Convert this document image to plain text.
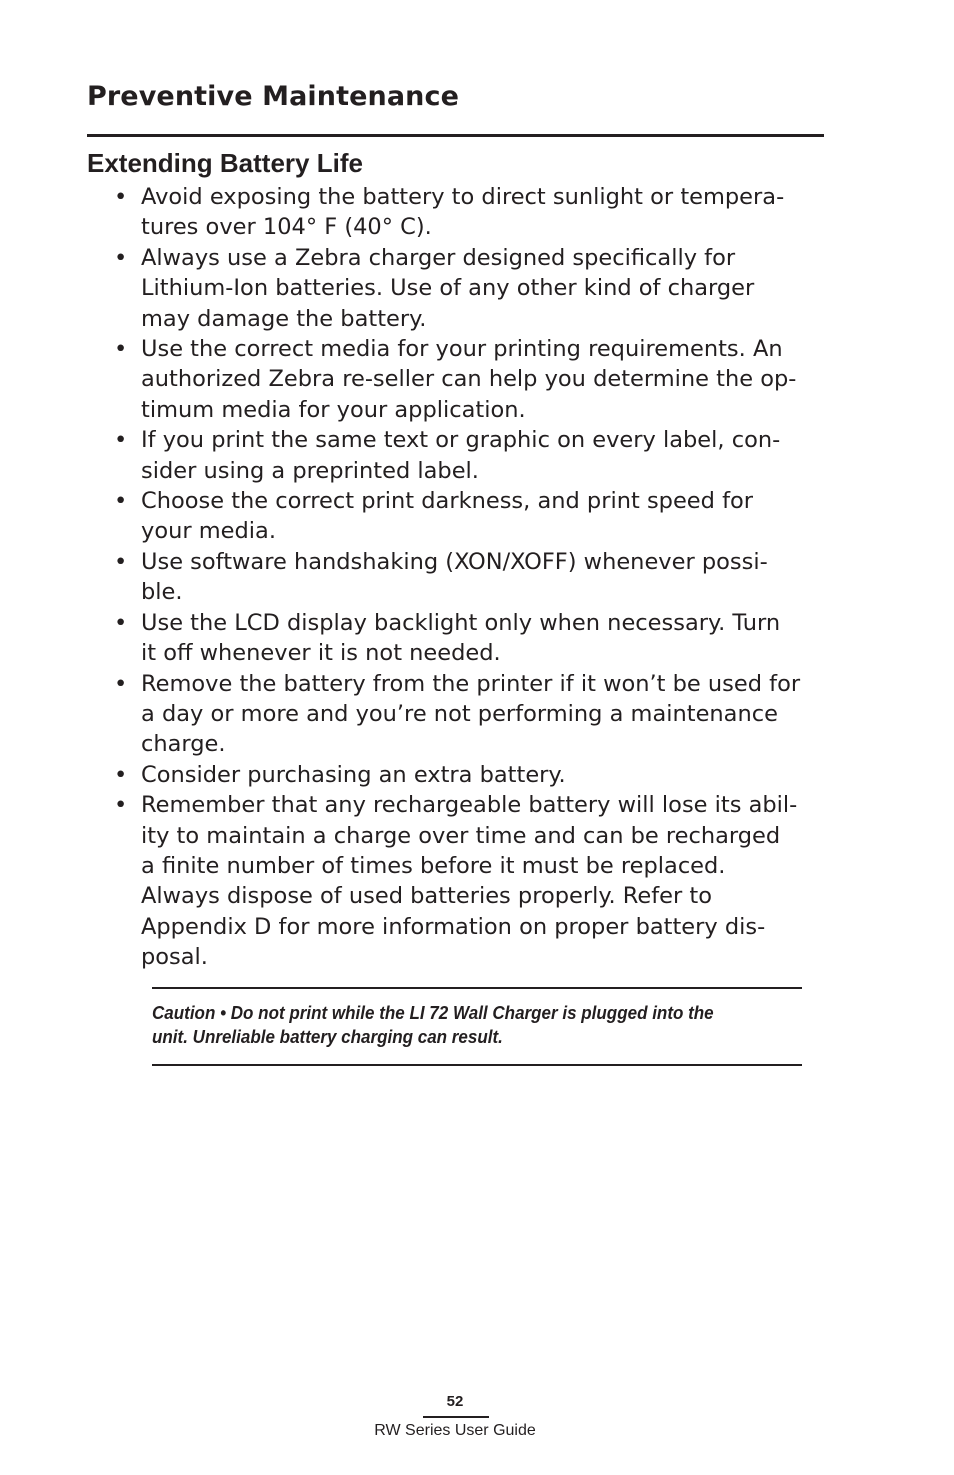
Preventive Maintenance
Extending Battery Life
• Avoid exposing the battery to direct sunlight or tempera-
tures over 104° F (40° C).
• Always use a Zebra charger designed specifically for
Lithium-Ion batteries. Use of any other kind of charger
may damage the battery.
• Use the correct media for your printing requirements. An
authorized Zebra re-seller can help you determine the op-
timum media for your application.
• If you print the same text or graphic on every label, con-
sider using a preprinted label.
• Choose the correct print darkness, and print speed for
your media.
• Use software handshaking (XON/XOFF) whenever possi-
ble.
• Use the LCD display backlight only when necessary. Turn
it off whenever it is not needed.
• Remove the battery from the printer if it won’t be used for
a day or more and you’re not performing a maintenance
charge.
• Consider purchasing an extra battery.
• Remember that any rechargeable battery will lose its abil-
ity to maintain a charge over time and can be recharged
a finite number of times before it must be replaced.
Always dispose of used batteries properly. Refer to
Appendix D for more information on proper battery dis-
posal.

Caution • Do not print while the LI 72 Wall Charger is plugged into the
unit. Unreliable battery charging can result.

52
RW Series User Guide
